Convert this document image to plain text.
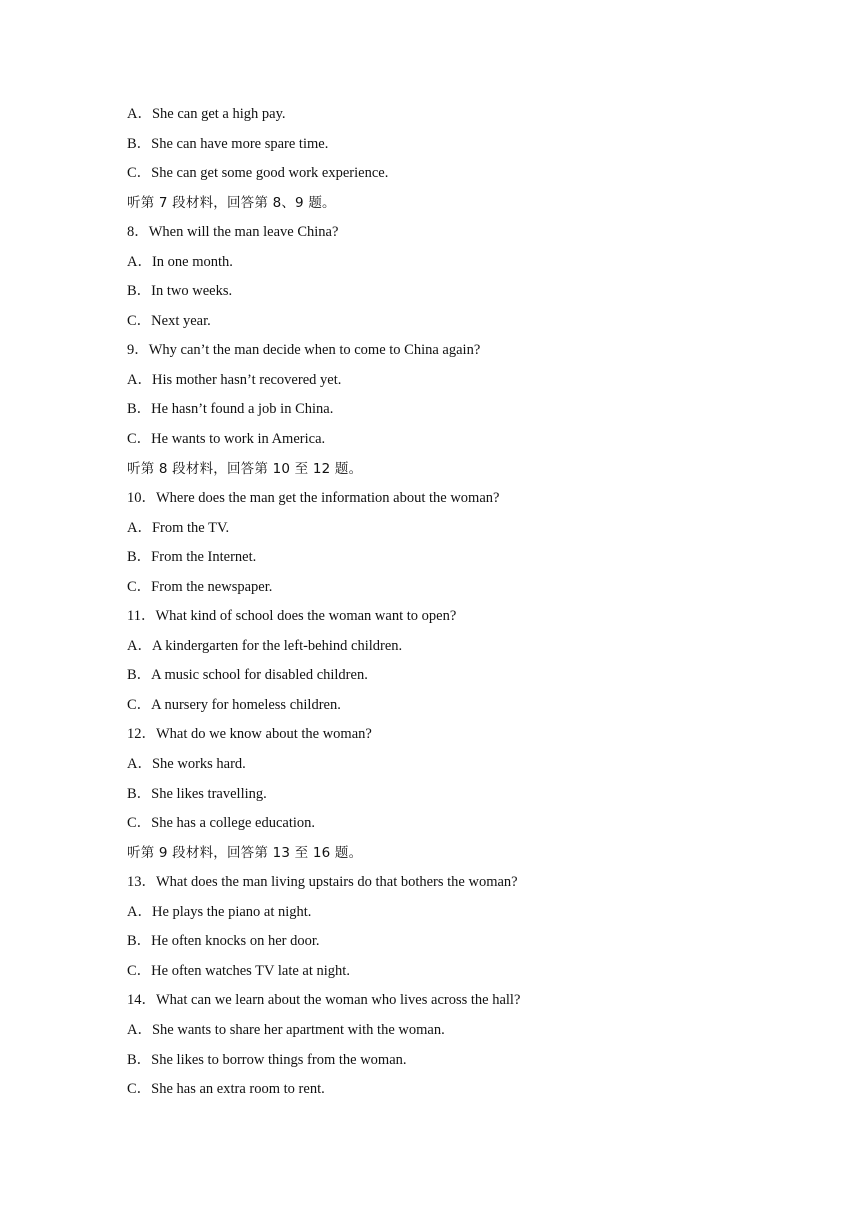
A．She can get a high pay.
B．She can have more spare time.
C．She can get some good work experience.
听第 7 段材料，回答第 8、9 题。
8．When will the man leave China?
A．In one month.
B．In two weeks.
C．Next year.
9．Why can’t the man decide when to come to China again?
A．His mother hasn’t recovered yet.
B．He hasn’t found a job in China.
C．He wants to work in America.
听第 8 段材料，回答第 10 至 12 题。
10．Where does the man get the information about the woman?
A．From the TV.
B．From the Internet.
C．From the newspaper.
11．What kind of school does the woman want to open?
A．A kindergarten for the left-behind children.
B．A music school for disabled children.
C．A nursery for homeless children.
12．What do we know about the woman?
A．She works hard.
B．She likes travelling.
C．She has a college education.
听第 9 段材料，回答第 13 至 16 题。
13．What does the man living upstairs do that bothers the woman?
A．He plays the piano at night.
B．He often knocks on her door.
C．He often watches TV late at night.
14．What can we learn about the woman who lives across the hall?
A．She wants to share her apartment with the woman.
B．She likes to borrow things from the woman.
C．She has an extra room to rent.
